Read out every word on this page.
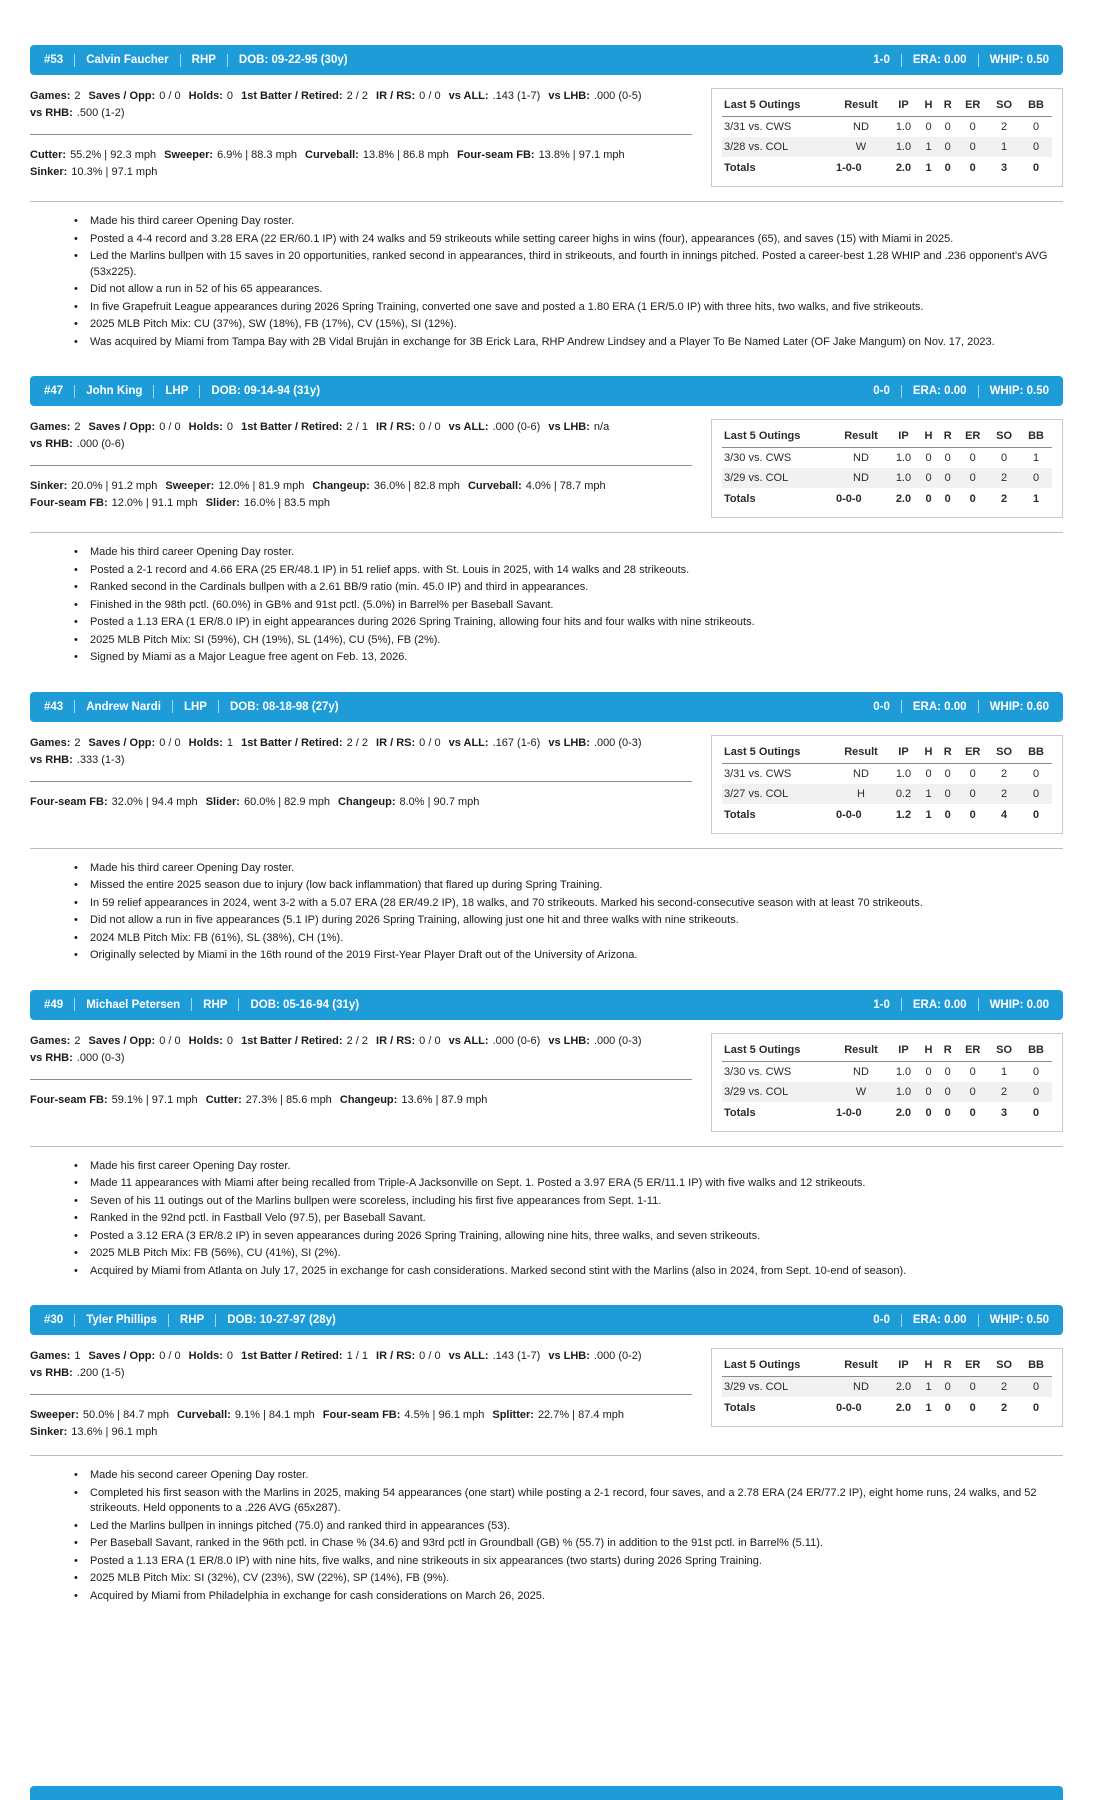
#53 Calvin Faucher RHP DOB: 09-22-95 (30y)	1-0 ERA: 0.00 WHIP: 0.50

Games: 2 Saves / Opp: 0 / 0 Holds: 0 1st Batter / Retired: 2 / 2 IR / RS: 0 / 0 vs ALL: .143 (1-7) vs LHB: .000 (0-5) vs RHB: .500 (1-2)

Cutter: 55.2% | 92.3 mph Sweeper: 6.9% | 88.3 mph Curveball: 13.8% | 86.8 mph Four-seam FB: 13.8% | 97.1 mph Sinker: 10.3% | 97.1 mph

Last 5 Outings	Result	IP	H	R	ER	SO	BB
3/31 vs. CWS	ND	1.0	0	0	0	2	0
3/28 vs. COL	W	1.0	1	0	0	1	0
Totals	1-0-0	2.0	1	0	0	3	0
• Made his third career Opening Day roster.
• Posted a 4-4 record and 3.28 ERA (22 ER/60.1 IP) with 24 walks and 59 strikeouts while setting career highs in wins (four), appearances (65), and saves (15) with Miami in 2025.
• Led the Marlins bullpen with 15 saves in 20 opportunities, ranked second in appearances, third in strikeouts, and fourth in innings pitched. Posted a career-best 1.28 WHIP and .236 opponent's AVG (53x225).
• Did not allow a run in 52 of his 65 appearances.
• In five Grapefruit League appearances during 2026 Spring Training, converted one save and posted a 1.80 ERA (1 ER/5.0 IP) with three hits, two walks, and five strikeouts.
• 2025 MLB Pitch Mix: CU (37%), SW (18%), FB (17%), CV (15%), SI (12%).
• Was acquired by Miami from Tampa Bay with 2B Vidal Bruján in exchange for 3B Erick Lara, RHP Andrew Lindsey and a Player To Be Named Later (OF Jake Mangum) on Nov. 17, 2023.
#47 John King LHP DOB: 09-14-94 (31y)	0-0 ERA: 0.00 WHIP: 0.50

Games: 2 Saves / Opp: 0 / 0 Holds: 0 1st Batter / Retired: 2 / 1 IR / RS: 0 / 0 vs ALL: .000 (0-6) vs LHB: n/a vs RHB: .000 (0-6)

Sinker: 20.0% | 91.2 mph Sweeper: 12.0% | 81.9 mph Changeup: 36.0% | 82.8 mph Curveball: 4.0% | 78.7 mph Four-seam FB: 12.0% | 91.1 mph Slider: 16.0% | 83.5 mph

Last 5 Outings	Result	IP	H	R	ER	SO	BB
3/30 vs. CWS	ND	1.0	0	0	0	0	1
3/29 vs. COL	ND	1.0	0	0	0	2	0
Totals	0-0-0	2.0	0	0	0	2	1
• Made his third career Opening Day roster.
• Posted a 2-1 record and 4.66 ERA (25 ER/48.1 IP) in 51 relief apps. with St. Louis in 2025, with 14 walks and 28 strikeouts.
• Ranked second in the Cardinals bullpen with a 2.61 BB/9 ratio (min. 45.0 IP) and third in appearances.
• Finished in the 98th pctl. (60.0%) in GB% and 91st pctl. (5.0%) in Barrel% per Baseball Savant.
• Posted a 1.13 ERA (1 ER/8.0 IP) in eight appearances during 2026 Spring Training, allowing four hits and four walks with nine strikeouts.
• 2025 MLB Pitch Mix: SI (59%), CH (19%), SL (14%), CU (5%), FB (2%).
• Signed by Miami as a Major League free agent on Feb. 13, 2026.
#43 Andrew Nardi LHP DOB: 08-18-98 (27y)	0-0 ERA: 0.00 WHIP: 0.60

Games: 2 Saves / Opp: 0 / 0 Holds: 1 1st Batter / Retired: 2 / 2 IR / RS: 0 / 0 vs ALL: .167 (1-6) vs LHB: .000 (0-3) vs RHB: .333 (1-3)

Four-seam FB: 32.0% | 94.4 mph Slider: 60.0% | 82.9 mph Changeup: 8.0% | 90.7 mph

Last 5 Outings	Result	IP	H	R	ER	SO	BB
3/31 vs. CWS	ND	1.0	0	0	0	2	0
3/27 vs. COL	H	0.2	1	0	0	2	0
Totals	0-0-0	1.2	1	0	0	4	0
• Made his third career Opening Day roster.
• Missed the entire 2025 season due to injury (low back inflammation) that flared up during Spring Training.
• In 59 relief appearances in 2024, went 3-2 with a 5.07 ERA (28 ER/49.2 IP), 18 walks, and 70 strikeouts. Marked his second-consecutive season with at least 70 strikeouts.
• Did not allow a run in five appearances (5.1 IP) during 2026 Spring Training, allowing just one hit and three walks with nine strikeouts.
• 2024 MLB Pitch Mix: FB (61%), SL (38%), CH (1%).
• Originally selected by Miami in the 16th round of the 2019 First-Year Player Draft out of the University of Arizona.
#49 Michael Petersen RHP DOB: 05-16-94 (31y)	1-0 ERA: 0.00 WHIP: 0.00

Games: 2 Saves / Opp: 0 / 0 Holds: 0 1st Batter / Retired: 2 / 2 IR / RS: 0 / 0 vs ALL: .000 (0-6) vs LHB: .000 (0-3) vs RHB: .000 (0-3)

Four-seam FB: 59.1% | 97.1 mph Cutter: 27.3% | 85.6 mph Changeup: 13.6% | 87.9 mph

Last 5 Outings	Result	IP	H	R	ER	SO	BB
3/30 vs. CWS	ND	1.0	0	0	0	1	0
3/29 vs. COL	W	1.0	0	0	0	2	0
Totals	1-0-0	2.0	0	0	0	3	0
• Made his first career Opening Day roster.
• Made 11 appearances with Miami after being recalled from Triple-A Jacksonville on Sept. 1. Posted a 3.97 ERA (5 ER/11.1 IP) with five walks and 12 strikeouts.
• Seven of his 11 outings out of the Marlins bullpen were scoreless, including his first five appearances from Sept. 1-11.
• Ranked in the 92nd pctl. in Fastball Velo (97.5), per Baseball Savant.
• Posted a 3.12 ERA (3 ER/8.2 IP) in seven appearances during 2026 Spring Training, allowing nine hits, three walks, and seven strikeouts.
• 2025 MLB Pitch Mix: FB (56%), CU (41%), SI (2%).
• Acquired by Miami from Atlanta on July 17, 2025 in exchange for cash considerations. Marked second stint with the Marlins (also in 2024, from Sept. 10-end of season).
#30 Tyler Phillips RHP DOB: 10-27-97 (28y)	0-0 ERA: 0.00 WHIP: 0.50

Games: 1 Saves / Opp: 0 / 0 Holds: 0 1st Batter / Retired: 1 / 1 IR / RS: 0 / 0 vs ALL: .143 (1-7) vs LHB: .000 (0-2) vs RHB: .200 (1-5)

Sweeper: 50.0% | 84.7 mph Curveball: 9.1% | 84.1 mph Four-seam FB: 4.5% | 96.1 mph Splitter: 22.7% | 87.4 mph Sinker: 13.6% | 96.1 mph

Last 5 Outings	Result	IP	H	R	ER	SO	BB
3/29 vs. COL	ND	2.0	1	0	0	2	0
Totals	0-0-0	2.0	1	0	0	2	0
• Made his second career Opening Day roster.
• Completed his first season with the Marlins in 2025, making 54 appearances (one start) while posting a 2-1 record, four saves, and a 2.78 ERA (24 ER/77.2 IP), eight home runs, 24 walks, and 52 strikeouts. Held opponents to a .226 AVG (65x287).
• Led the Marlins bullpen in innings pitched (75.0) and ranked third in appearances (53).
• Per Baseball Savant, ranked in the 96th pctl. in Chase % (34.6) and 93rd pctl in Groundball (GB) % (55.7) in addition to the 91st pctl. in Barrel% (5.11).
• Posted a 1.13 ERA (1 ER/8.0 IP) with nine hits, five walks, and nine strikeouts in six appearances (two starts) during 2026 Spring Training.
• 2025 MLB Pitch Mix: SI (32%), CV (23%), SW (22%), SP (14%), FB (9%).
• Acquired by Miami from Philadelphia in exchange for cash considerations on March 26, 2025.
